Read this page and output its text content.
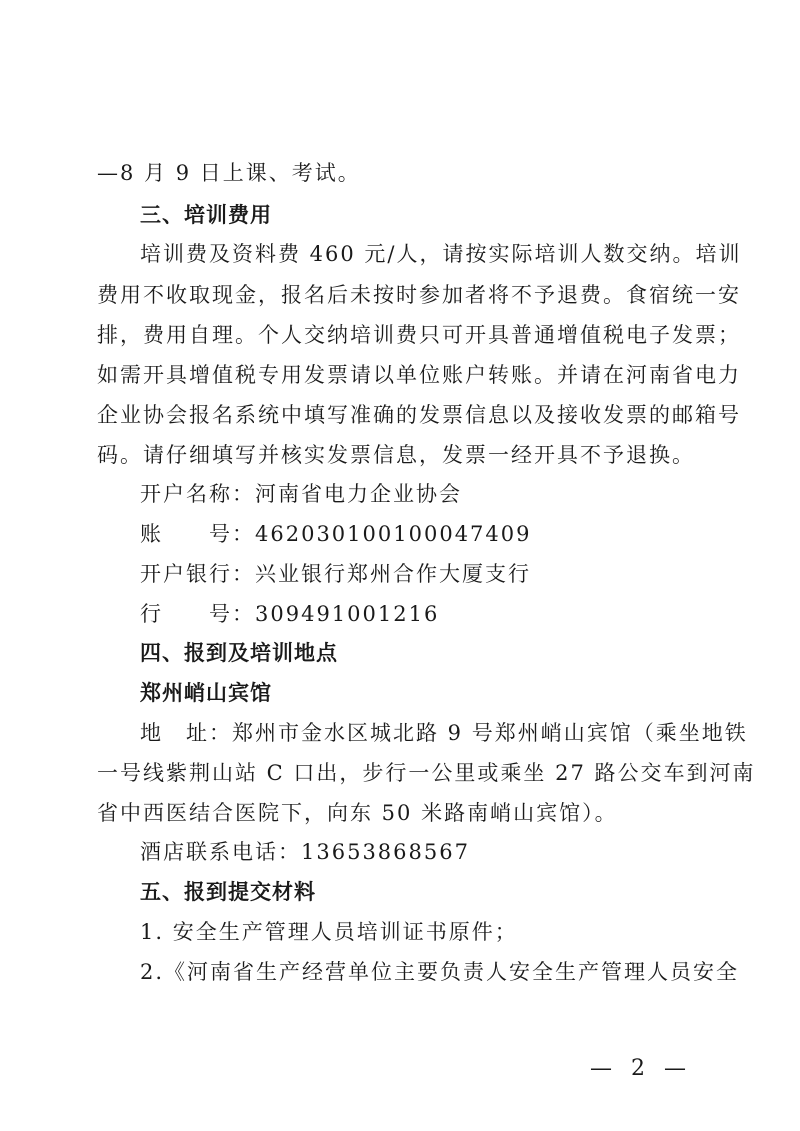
—8 月 9 日上课、考试。
三、培训费用
培训费及资料费 460 元/人，请按实际培训人数交纳。培训
费用不收取现金，报名后未按时参加者将不予退费。食宿统一安
排，费用自理。个人交纳培训费只可开具普通增值税电子发票；
如需开具增值税专用发票请以单位账户转账。并请在河南省电力
企业协会报名系统中填写准确的发票信息以及接收发票的邮箱号
码。请仔细填写并核实发票信息，发票一经开具不予退换。
开户名称：河南省电力企业协会
账　　号：462030100100047409
开户银行：兴业银行郑州合作大厦支行
行　　号：309491001216
四、报到及培训地点
郑州峭山宾馆
地　址：郑州市金水区城北路 9 号郑州峭山宾馆（乘坐地铁
一号线紫荆山站 C 口出，步行一公里或乘坐 27 路公交车到河南
省中西医结合医院下，向东 50 米路南峭山宾馆）。
酒店联系电话：13653868567
五、报到提交材料
1. 安全生产管理人员培训证书原件；
2.《河南省生产经营单位主要负责人安全生产管理人员安全
— 2 —
